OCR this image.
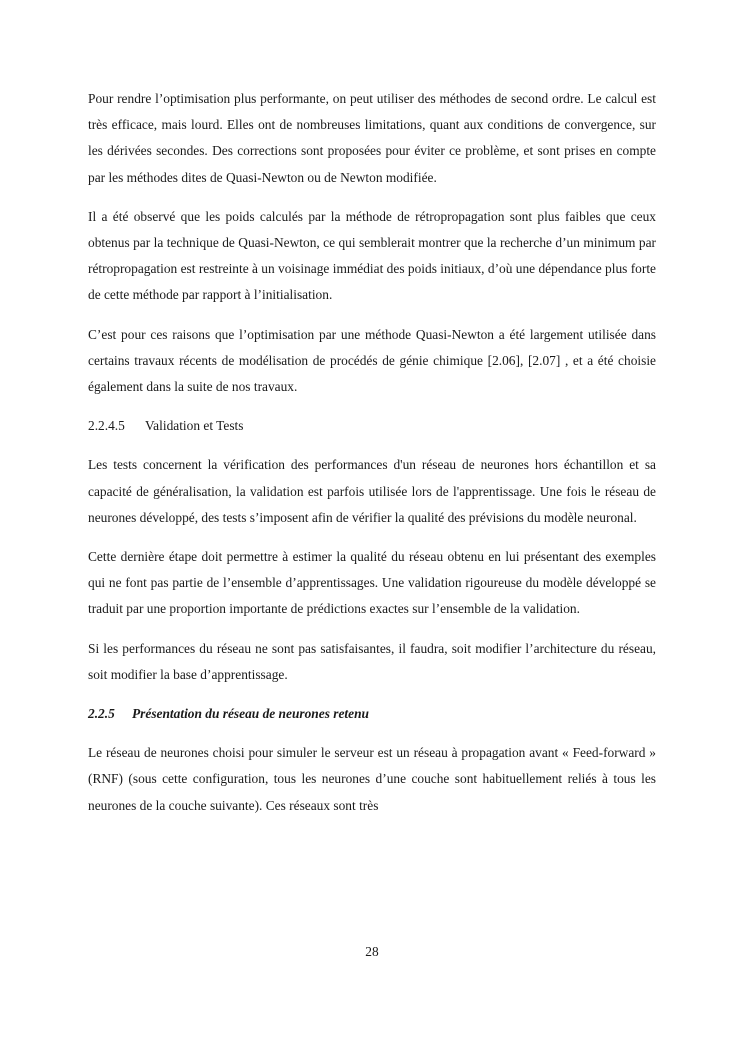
Pour rendre l’optimisation plus performante, on peut utiliser des méthodes de second ordre. Le calcul est très efficace, mais lourd. Elles ont de nombreuses limitations, quant aux conditions de convergence, sur les dérivées secondes. Des corrections sont proposées pour éviter ce problème, et sont prises en compte par les méthodes dites de Quasi-Newton ou de Newton modifiée.

Il a été observé que les poids calculés par la méthode de rétropropagation sont plus faibles que ceux obtenus par la technique de Quasi-Newton, ce qui semblerait montrer que la recherche d’un minimum par rétropropagation est restreinte à un voisinage immédiat des poids initiaux, d’où une dépendance plus forte de cette méthode par rapport à l’initialisation.

C’est pour ces raisons que l’optimisation par une méthode Quasi-Newton a été largement utilisée dans certains travaux récents de modélisation de procédés de génie chimique [2.06], [2.07] , et a été choisie également dans la suite de nos travaux.

2.2.4.5 Validation et Tests

Les tests concernent la vérification des performances d'un réseau de neurones hors échantillon et sa capacité de généralisation, la validation est parfois utilisée lors de l'apprentissage. Une fois le réseau de neurones développé, des tests s’imposent afin de vérifier la qualité des prévisions du modèle neuronal.

Cette dernière étape doit permettre à estimer la qualité du réseau obtenu en lui présentant des exemples qui ne font pas partie de l’ensemble d’apprentissages. Une validation rigoureuse du modèle développé se traduit par une proportion importante de prédictions exactes sur l’ensemble de la validation.

Si les performances du réseau ne sont pas satisfaisantes, il faudra, soit modifier l’architecture du réseau, soit modifier la base d’apprentissage.

2.2.5 Présentation du réseau de neurones retenu

Le réseau de neurones choisi pour simuler le serveur est un réseau à propagation avant « Feed-forward » (RNF) (sous cette configuration, tous les neurones d’une couche sont habituellement reliés à tous les neurones de la couche suivante). Ces réseaux sont très

28
